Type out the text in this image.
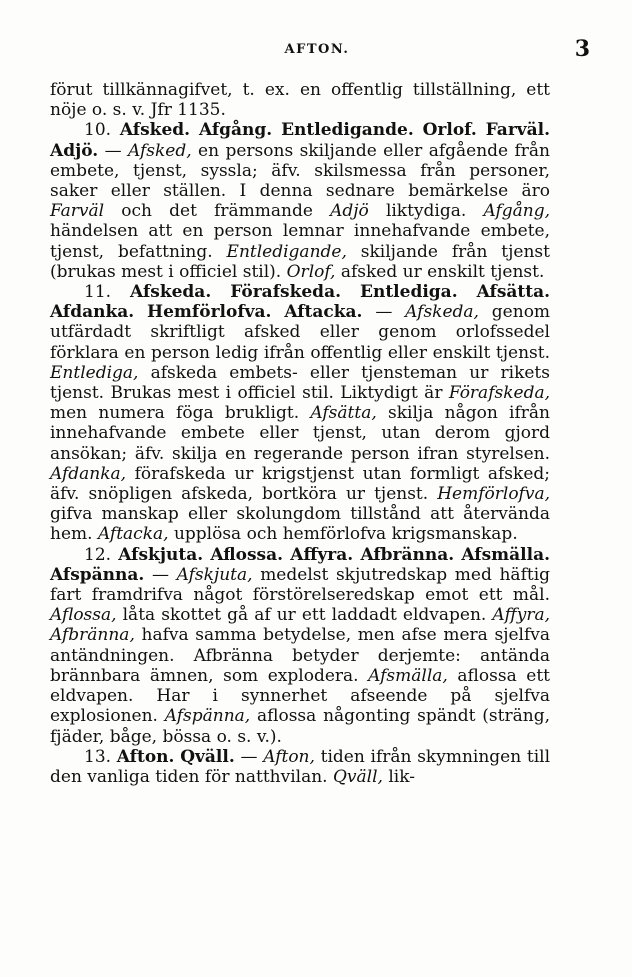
AFTON.	3

förut tillkännagifvet, t. ex. en offentlig tillställning, ett nöje o. s. v. Jfr 1135.

10. Afsked. Afgång. Entledigande. Orlof. Farväl. Adjö. — Afsked, en persons skiljande eller afgående från embete, tjenst, syssla; äfv. skilsmessa från personer, saker eller ställen. I denna sednare bemärkelse äro Farväl och det främmande Adjö liktydiga. Afgång, händelsen att en person lemnar innehafvande embete, tjenst, befattning. Entledigande, skiljande från tjenst (brukas mest i officiel stil). Orlof, afsked ur enskilt tjenst.

11. Afskeda. Förafskeda. Entlediga. Afsätta. Afdanka. Hemförlofva. Aftacka. — Afskeda, genom utfärdadt skriftligt afsked eller genom orlofssedel förklara en person ledig ifrån offentlig eller enskilt tjenst. Entlediga, afskeda embets- eller tjensteman ur rikets tjenst. Brukas mest i officiel stil. Liktydigt är Förafskeda, men numera föga brukligt. Afsätta, skilja någon ifrån innehafvande embete eller tjenst, utan derom gjord ansökan; äfv. skilja en regerande person ifran styrelsen. Afdanka, förafskeda ur krigstjenst utan formligt afsked; äfv. snöpligen afskeda, bortköra ur tjenst. Hemförlofva, gifva manskap eller skolungdom tillstånd att återvända hem. Aftacka, upplösa och hemförlofva krigsmanskap.

12. Afskjuta. Aflossa. Affyra. Afbränna. Afsmälla. Afspänna. — Afskjuta, medelst skjutredskap med häftig fart framdrifva något förstörelseredskap emot ett mål. Aflossa, låta skottet gå af ur ett laddadt eldvapen. Affyra, Afbränna, hafva samma betydelse, men afse mera sjelfva antändningen. Afbränna betyder derjemte: antända brännbara ämnen, som explodera. Afsmälla, aflossa ett eldvapen. Har i synnerhet afseende på sjelfva explosionen. Afspänna, aflossa någonting spändt (sträng, fjäder, båge, bössa o. s. v.).

13. Afton. Qväll. — Afton, tiden ifrån skymningen till den vanliga tiden för natthvilan. Qväll, lik-
